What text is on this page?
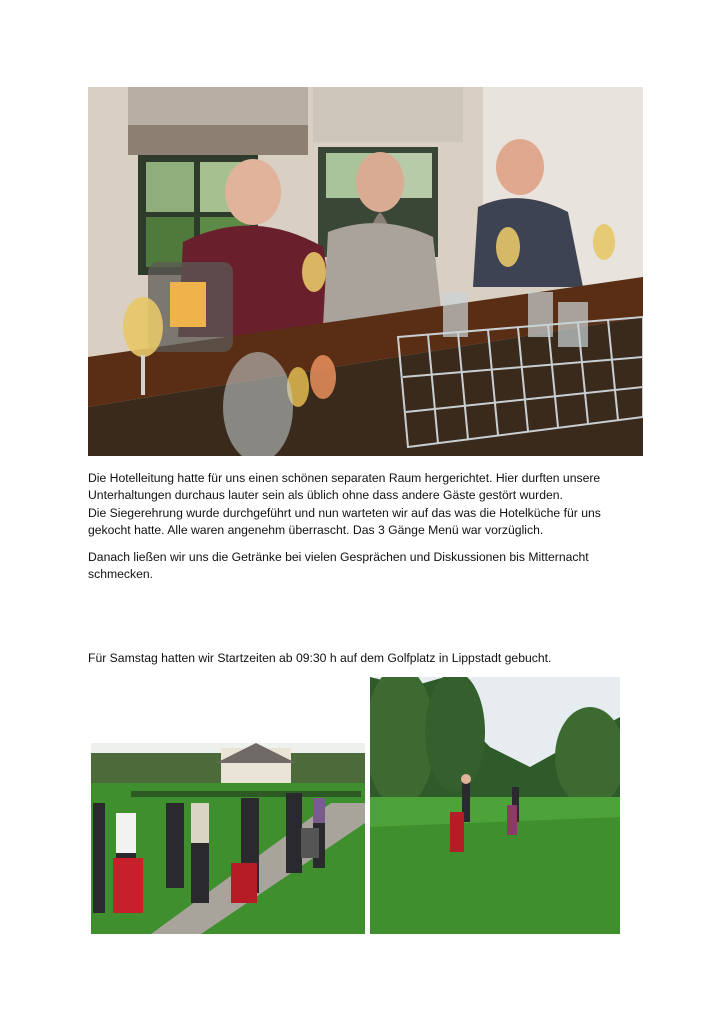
Die Hotelleitung hatte für uns einen schönen separaten Raum hergerichtet. Hier durften unsere

Unterhaltungen durchaus lauter sein als üblich ohne dass andere Gäste gestört wurden.

Die Siegerehrung wurde durchgeführt und nun warteten wir auf das was die Hotelküche für uns

gekocht hatte. Alle waren angenehm überrascht. Das 3 Gänge Menü war vorzüglich.

Danach ließen wir uns die Getränke bei vielen Gesprächen und Diskussionen bis Mitternacht

schmecken.

Für Samstag hatten wir Startzeiten ab 09:30 h auf dem Golfplatz in Lippstadt gebucht.
